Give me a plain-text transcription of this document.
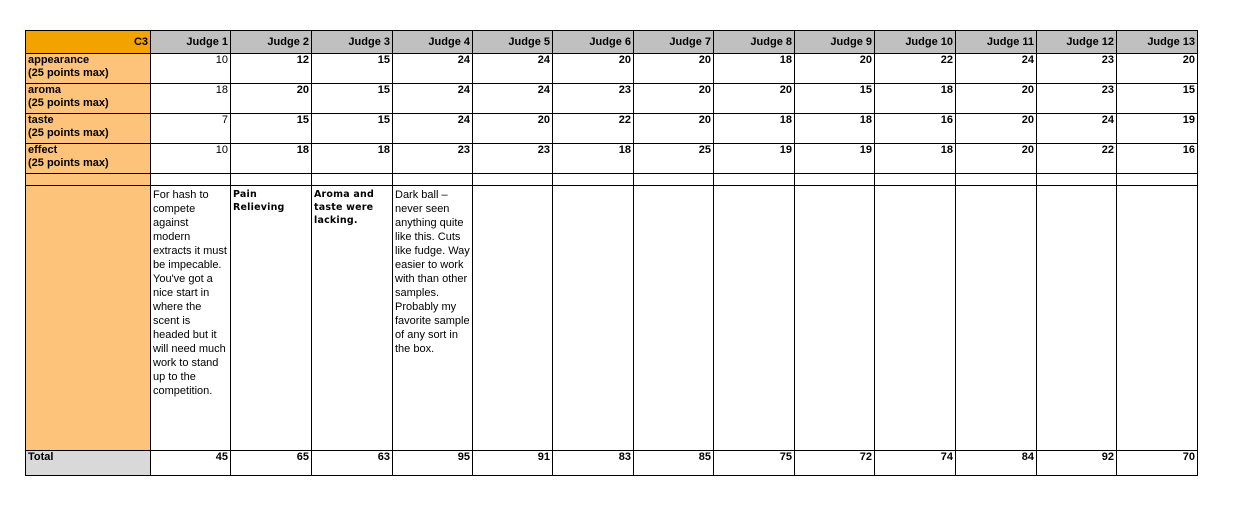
C3	Judge 1	Judge 2	Judge 3	Judge 4	Judge 5	Judge 6	Judge 7	Judge 8	Judge 9	Judge 10	Judge 11	Judge 12	Judge 13

appearance
(25 points max)	10	12	15	24	24	20	20	18	20	22	24	23	20

aroma
(25 points max)	18	20	15	24	24	23	20	20	15	18	20	23	15

taste
(25 points max)	7	15	15	24	20	22	20	18	18	16	20	24	19

effect
(25 points max)	10	18	18	23	23	18	25	19	19	18	20	22	16

	For hash to compete against modern extracts it must be impecable. You've got a nice start in where the scent is headed but it will need much work to stand up to the competition.	Pain Relieving	Aroma and taste were lacking.	Dark ball – never seen anything quite like this. Cuts like fudge. Way easier to work with than other samples. Probably my favorite sample of any sort in the box.									
Total	45	65	63	95	91	83	85	75	72	74	84	92	70
